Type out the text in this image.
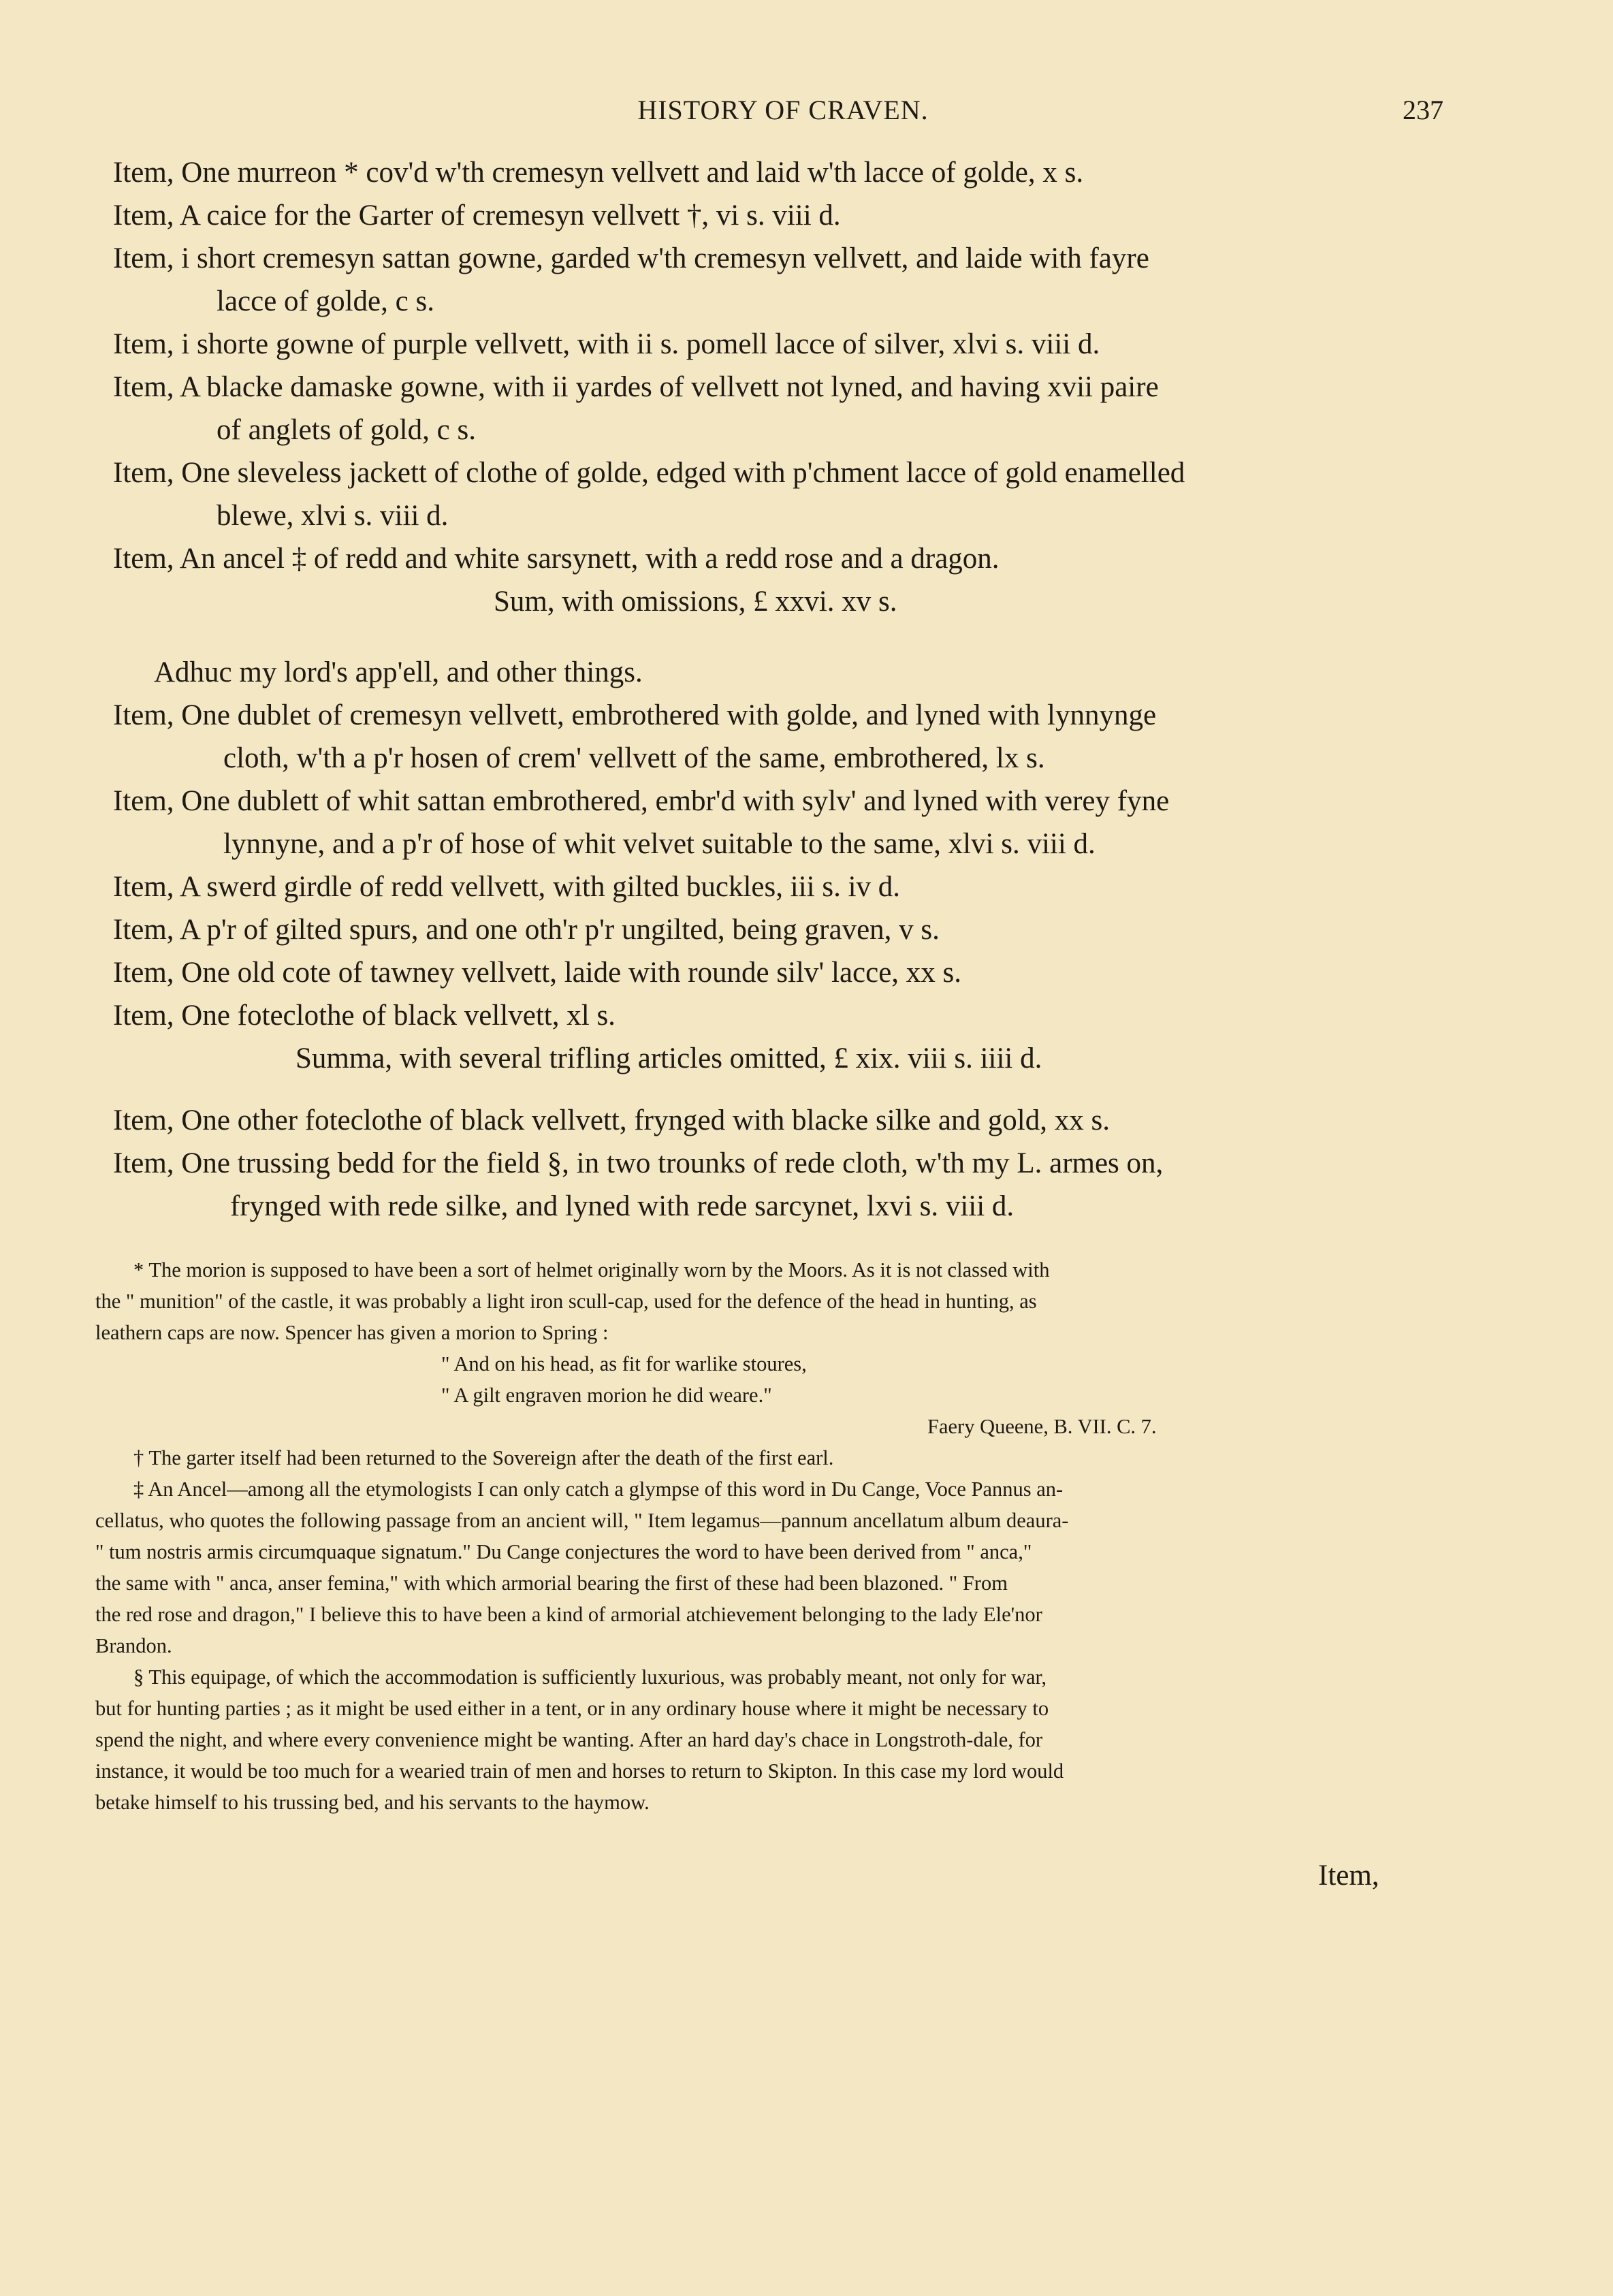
HISTORY OF CRAVEN.	237
Item, One murreon * cov'd w'th cremesyn vellvett and laid w'th lacce of golde, x s.
Item, A caice for the Garter of cremesyn vellvett †, vi s. viii d.
Item, i short cremesyn sattan gowne, garded w'th cremesyn vellvett, and laide with fayre
lacce of golde, c s.
Item, i shorte gowne of purple vellvett, with ii s. pomell lacce of silver, xlvi s. viii d.
Item, A blacke damaske gowne, with ii yardes of vellvett not lyned, and having xvii paire
of anglets of gold, c s.
Item, One sleveless jackett of clothe of golde, edged with p'chment lacce of gold enamelled
blewe, xlvi s. viii d.
Item, An ancel ‡ of redd and white sarsynett, with a redd rose and a dragon.
Sum, with omissions, £ xxvi. xv s.
Adhuc my lord's app'ell, and other things.
Item, One dublet of cremesyn vellvett, embrothered with golde, and lyned with lynnynge
cloth, w'th a p'r hosen of crem' vellvett of the same, embrothered, lx s.
Item, One dublett of whit sattan embrothered, embr'd with sylv' and lyned with verey fyne
lynnyne, and a p'r of hose of whit velvet suitable to the same, xlvi s. viii d.
Item, A swerd girdle of redd vellvett, with gilted buckles, iii s. iv d.
Item, A p'r of gilted spurs, and one oth'r p'r ungilted, being graven, v s.
Item, One old cote of tawney vellvett, laide with rounde silv' lacce, xx s.
Item, One foteclothe of black vellvett, xl s.
Summa, with several trifling articles omitted, £ xix. viii s. iiii d.
Item, One other foteclothe of black vellvett, frynged with blacke silke and gold, xx s.
Item, One trussing bedd for the field §, in two trounks of rede cloth, w'th my L. armes on,
frynged with rede silke, and lyned with rede sarcynet, lxvi s. viii d.
* The morion is supposed to have been a sort of helmet originally worn by the Moors. As it is not classed with
the " munition" of the castle, it was probably a light iron scull-cap, used for the defence of the head in hunting, as
leathern caps are now. Spencer has given a morion to Spring :
" And on his head, as fit for warlike stoures,
" A gilt engraven morion he did weare."
Faery Queene, B. VII. C. 7.
† The garter itself had been returned to the Sovereign after the death of the first earl.
‡ An Ancel—among all the etymologists I can only catch a glympse of this word in Du Cange, Voce Pannus an-
cellatus, who quotes the following passage from an ancient will, " Item legamus—pannum ancellatum album deaura-
" tum nostris armis circumquaque signatum." Du Cange conjectures the word to have been derived from " anca,"
the same with " anca, anser femina," with which armorial bearing the first of these had been blazoned. " From
the red rose and dragon," I believe this to have been a kind of armorial atchievement belonging to the lady Ele'nor
Brandon.
§ This equipage, of which the accommodation is sufficiently luxurious, was probably meant, not only for war,
but for hunting parties ; as it might be used either in a tent, or in any ordinary house where it might be necessary to
spend the night, and where every convenience might be wanting. After an hard day's chace in Longstroth-dale, for
instance, it would be too much for a wearied train of men and horses to return to Skipton. In this case my lord would
betake himself to his trussing bed, and his servants to the haymow.
Item,
